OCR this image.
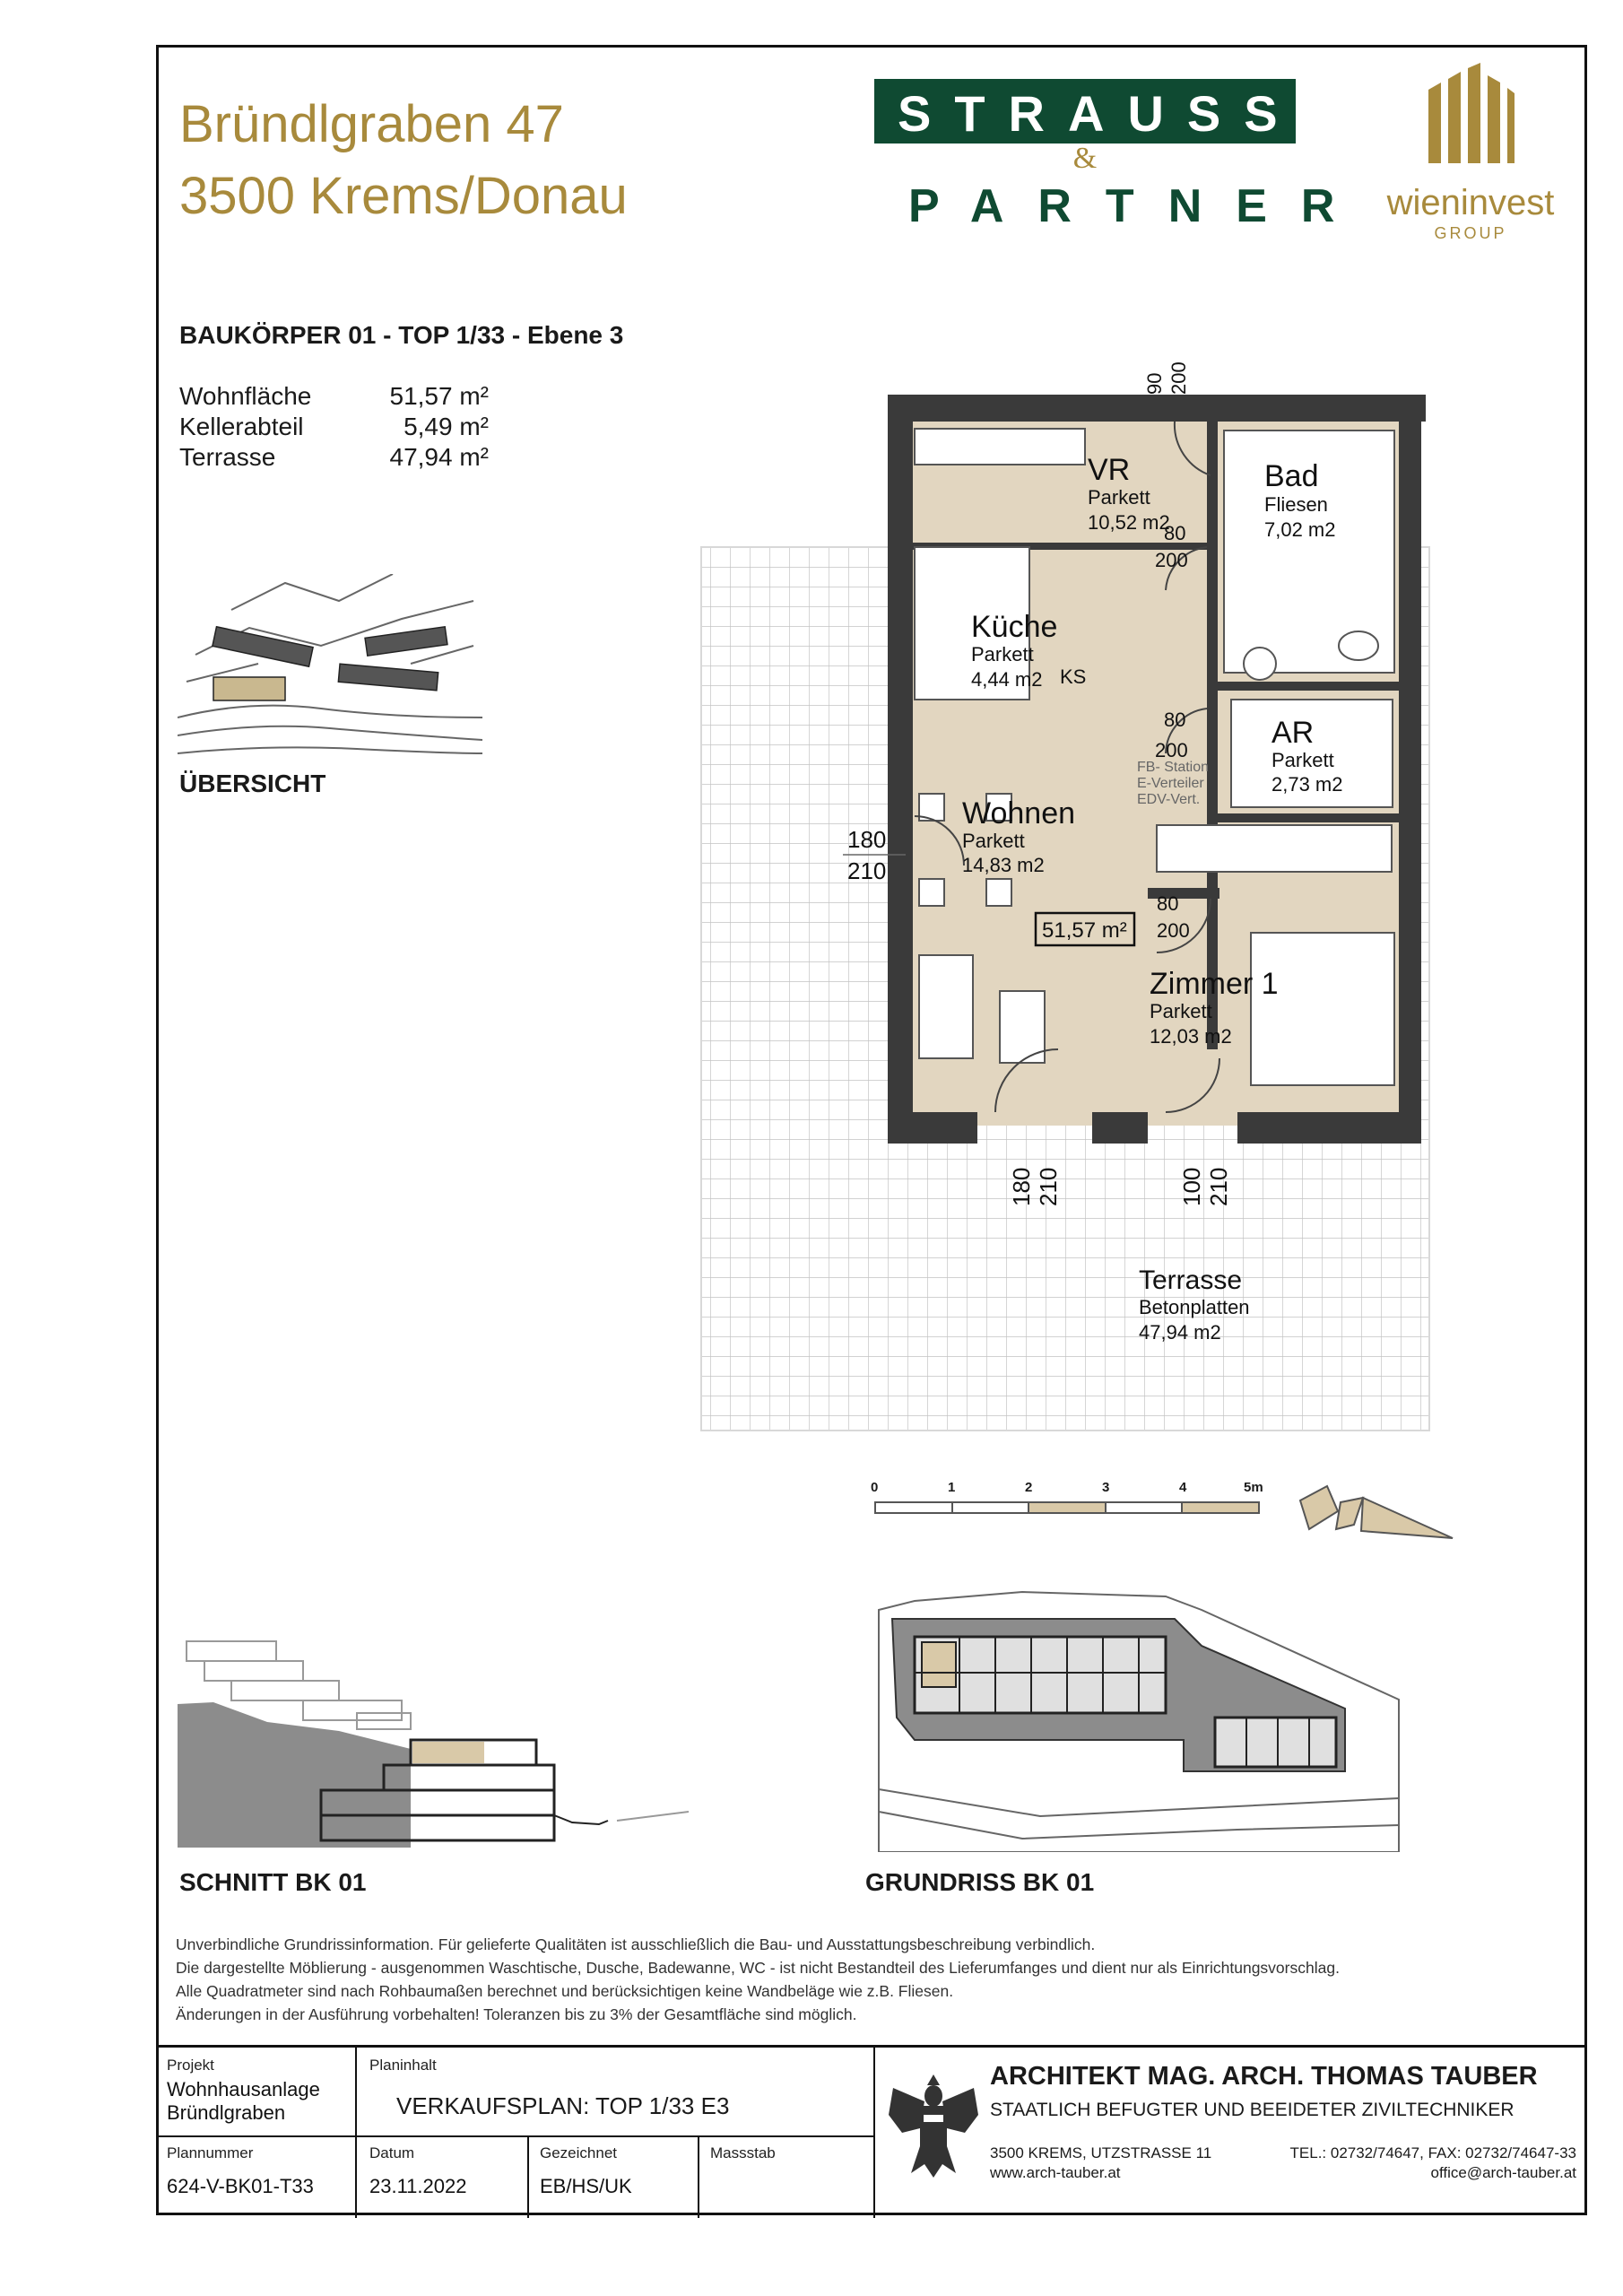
Bründlgraben 47
3500 Krems/Donau
STRAUSS
&
PARTNER wieninvest
GROUP
BAUKÖRPER 01 - TOP 1/33 - Ebene 3
Wohnfläche	51,57 m²
Kellerabteil	5,49 m²
Terrasse	47,94 m²
ÜBERSICHT
VR
Parkett
10,52 m2
Bad
Fliesen
7,02 m2
Küche
Parkett
4,44 m2 KS
AR
Parkett
2,73 m2
Wohnen
Parkett
14,83 m2
Zimmer 1
Parkett
12,03 m2
Terrasse
Betonplatten
47,94 m2
FB- Station
E-Verteiler
EDV-Vert.
51,57 m²
90 200
80
200
80
200
80
200
180
210
180 210	100 210
0	1	2	3	4	5m
SCHNITT BK 01	GRUNDRISS BK 01
Unverbindliche Grundrissinformation. Für gelieferte Qualitäten ist ausschließlich die Bau- und Ausstattungsbeschreibung verbindlich.
Die dargestellte Möblierung - ausgenommen Waschtische, Dusche, Badewanne, WC - ist nicht Bestandteil des Lieferumfanges und dient nur als Einrichtungsvorschlag.
Alle Quadratmeter sind nach Rohbaumaßen berechnet und berücksichtigen keine Wandbeläge wie z.B. Fliesen.
Änderungen in der Ausführung vorbehalten! Toleranzen bis zu 3% der Gesamtfläche sind möglich.
Projekt
Wohnhausanlage
Bründlgraben
Planinhalt
VERKAUFSPLAN: TOP 1/33 E3
Plannummer
624-V-BK01-T33
Datum
23.11.2022
Gezeichnet
EB/HS/UK
Massstab
ARCHITEKT MAG. ARCH. THOMAS TAUBER
STAATLICH BEFUGTER UND BEEIDETER ZIVILTECHNIKER
3500 KREMS, UTZSTRASSE 11
www.arch-tauber.at
TEL.: 02732/74647, FAX: 02732/74647-33
office@arch-tauber.at
